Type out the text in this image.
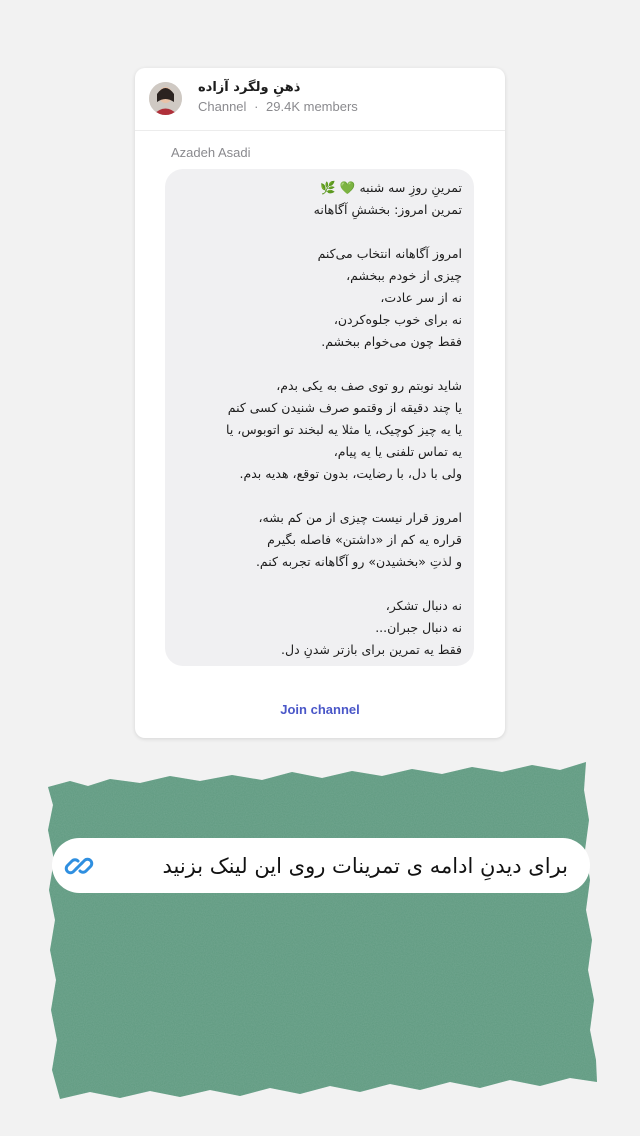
ذهنِ ولگرد آزاده
Channel · 29.4K members
Azadeh Asadi
تمرینِ روزِ سه شنبه 💚 🌿
تمرین امروز: بخششِ آگاهانه
امروز آگاهانه انتخاب می‌کنم
چیزی از خودم ببخشم،
نه از سر عادت،
نه برای خوب جلوه‌کردن،
فقط چون می‌خوام ببخشم.
شاید نوبتم رو توی صف به یکی بدم،
یا چند دقیقه از وقتمو صرف شنیدن کسی کنم
یا یه چیز کوچیک، یا مثلا یه لبخند تو اتوبوس، یا
یه تماس تلفنی یا یه پیام،
ولی با دل، با رضایت، بدون توقع، هدیه بدم.
امروز قرار نیست چیزی از من کم بشه،
قراره یه کم از «داشتن» فاصله بگیرم
و لذتِ «بخشیدن» رو آگاهانه تجربه کنم.
نه دنبال تشکر،
نه دنبال جبران...
فقط یه تمرین برای بازتر شدنِ دل.
Join channel
برای دیدنِ ادامه ی تمرینات روی این لینک بزنید
